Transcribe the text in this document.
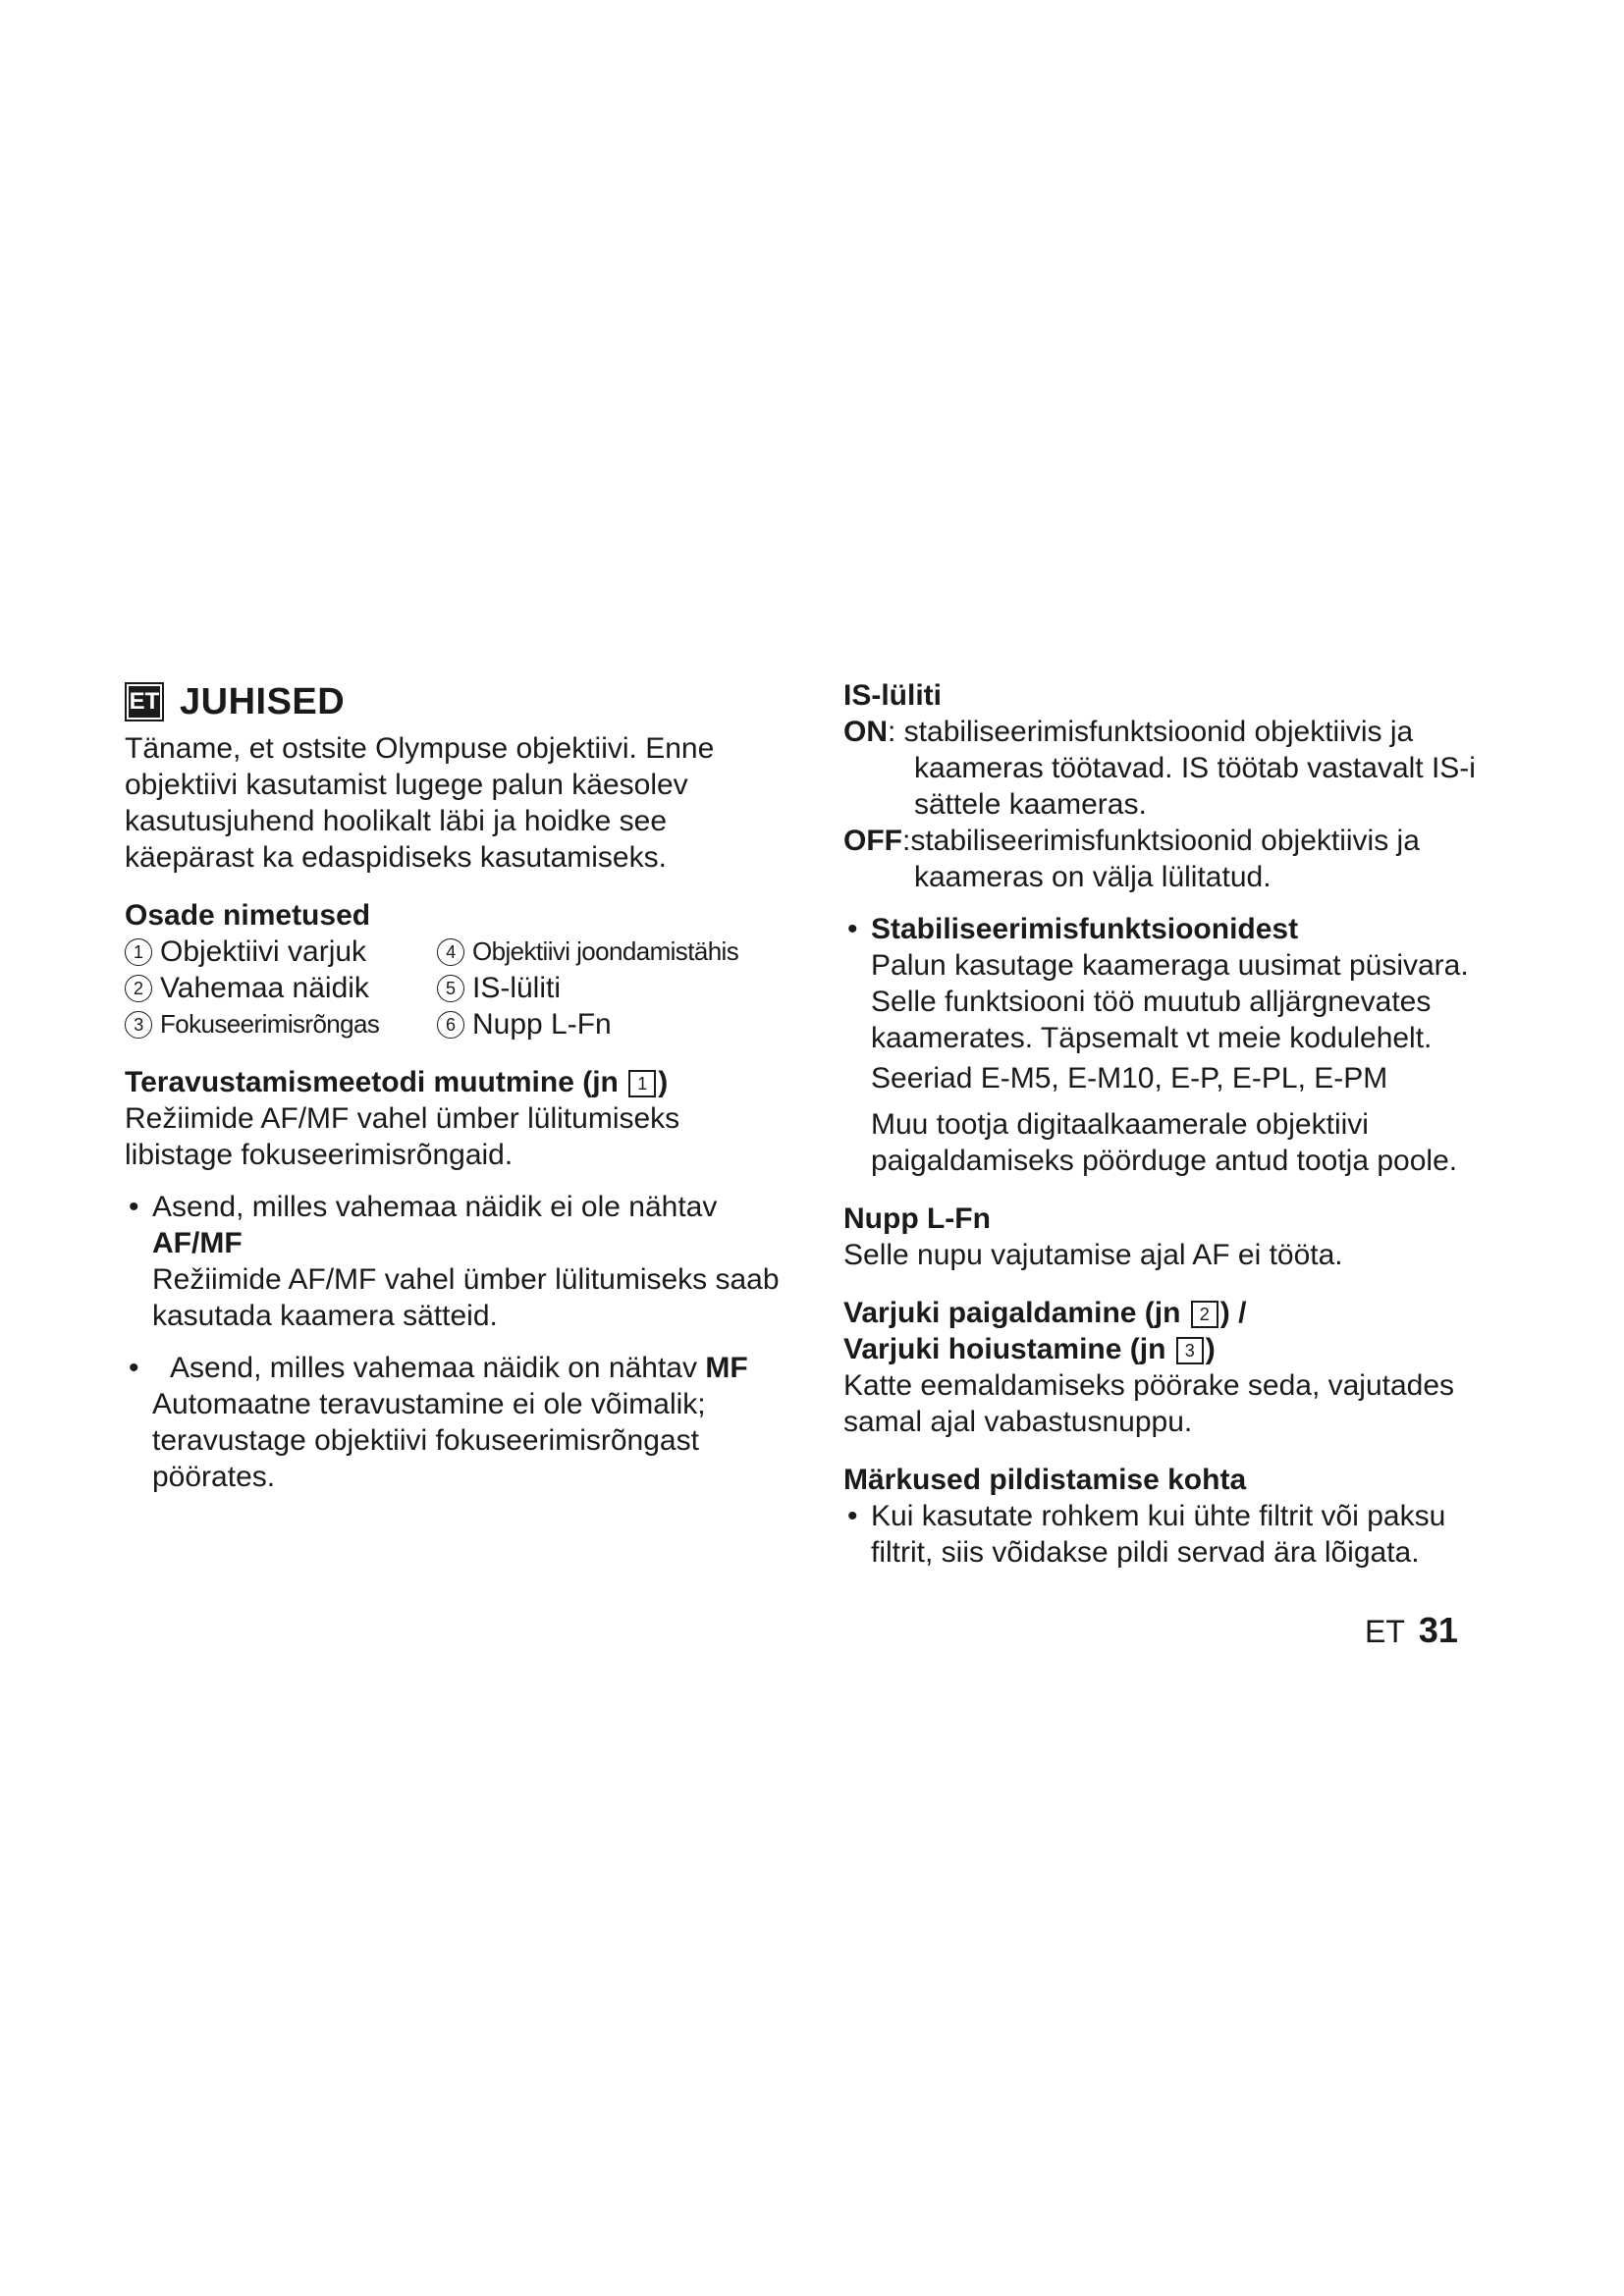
ET JUHISED

Täname, et ostsite Olympuse objektiivi. Enne objektiivi kasutamist lugege palun käesolev kasutusjuhend hoolikalt läbi ja hoidke see käepärast ka edaspidiseks kasutamiseks.

Osade nimetused
1 Objektiivi varjuk	4 Objektiivi joondamistähis
2 Vahemaa näidik	5 IS-lüliti
3 Fokuseerimisrõngas	6 Nupp L-Fn
Teravustamismeetodi muutmine (jn 1 )

Režiimide AF/MF vahel ümber lülitumiseks libistage fokuseerimisrõngaid.

• Asend, milles vahemaa näidik ei ole nähtav
AF/MF

Režiimide AF/MF vahel ümber lülitumiseks saab kasutada kaamera sätteid.

•	Asend, milles vahemaa näidik on nähtav MF

Automaatne teravustamine ei ole võimalik; teravustage objektiivi fokuseerimisrõngast pöörates.

IS-lüliti

ON: stabiliseerimisfunktsioonid objektiivis ja kaameras töötavad. IS töötab vastavalt IS-i sättele kaameras.

OFF:stabiliseerimisfunktsioonid objektiivis ja kaameras on välja lülitatud.

• Stabiliseerimisfunktsioonidest

Palun kasutage kaameraga uusimat püsivara. Selle funktsiooni töö muutub alljärgnevates kaamerates. Täpsemalt vt meie kodulehelt.

Seeriad E-M5, E-M10, E-P, E-PL, E-PM

Muu tootja digitaalkaamerale objektiivi paigaldamiseks pöörduge antud tootja poole.

Nupp L-Fn

Selle nupu vajutamise ajal AF ei tööta.

Varjuki paigaldamine (jn 2 ) /
Varjuki hoiustamine (jn 3 )

Katte eemaldamiseks pöörake seda, vajutades samal ajal vabastusnuppu.

Märkused pildistamise kohta
• Kui kasutate rohkem kui ühte filtrit või paksu filtrit, siis võidakse pildi servad ära lõigata.

ET 31
